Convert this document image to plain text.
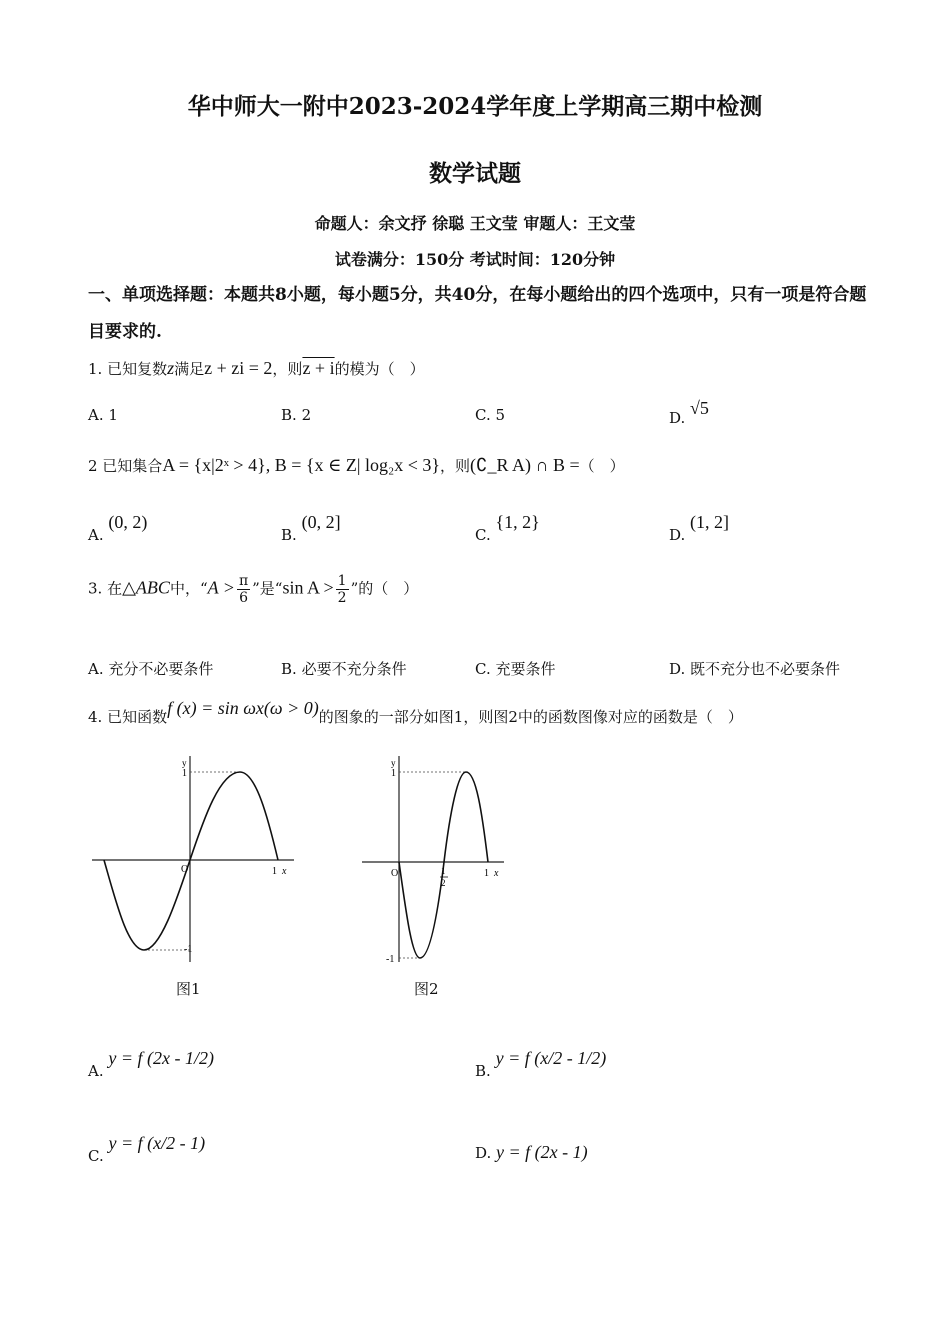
华中师大一附中2023-2024学年度上学期高三期中检测
数学试题
命题人：余文抒 徐聪 王文莹 审题人：王文莹
试卷满分：150分 考试时间：120分钟
一、单项选择题：本题共8小题，每小题5分，共40分，在每小题给出的四个选项中，只有一项是符合题目要求的.
1. 已知复数z满足z + zi = 2，则z + i的模为（　）
A. 1	B. 2	C. 5	D. √5
2 已知集合A = {x|2ˣ > 4}, B = {x ∈ Z| log₂x < 3}，则(∁_R A) ∩ B =（　）
A. (0, 2)
B. (0, 2]
C. {1, 2}
D. (1, 2]
3. 在△ABC中，“$A > \frac{\pi}{6}$ ”是“sin $A > \frac{1}{2}$ ”的（　）
A. 充分不必要条件	B. 必要不充分条件	C. 充要条件	D. 既不充分也不必要条件
4. 已知函数f (x) = sin ωx(ω > 0)的图象的一部分如图1，则图2中的函数图像对应的函数是（　）
y
1
-1
O	1 x
图1
y
1
-1
O	1
2
1 x
图2
A. y = f (2x - 1/2)
B. y = f (x/2 - 1/2)
C. y = f (x/2 - 1)	D. y = f (2x - 1)
